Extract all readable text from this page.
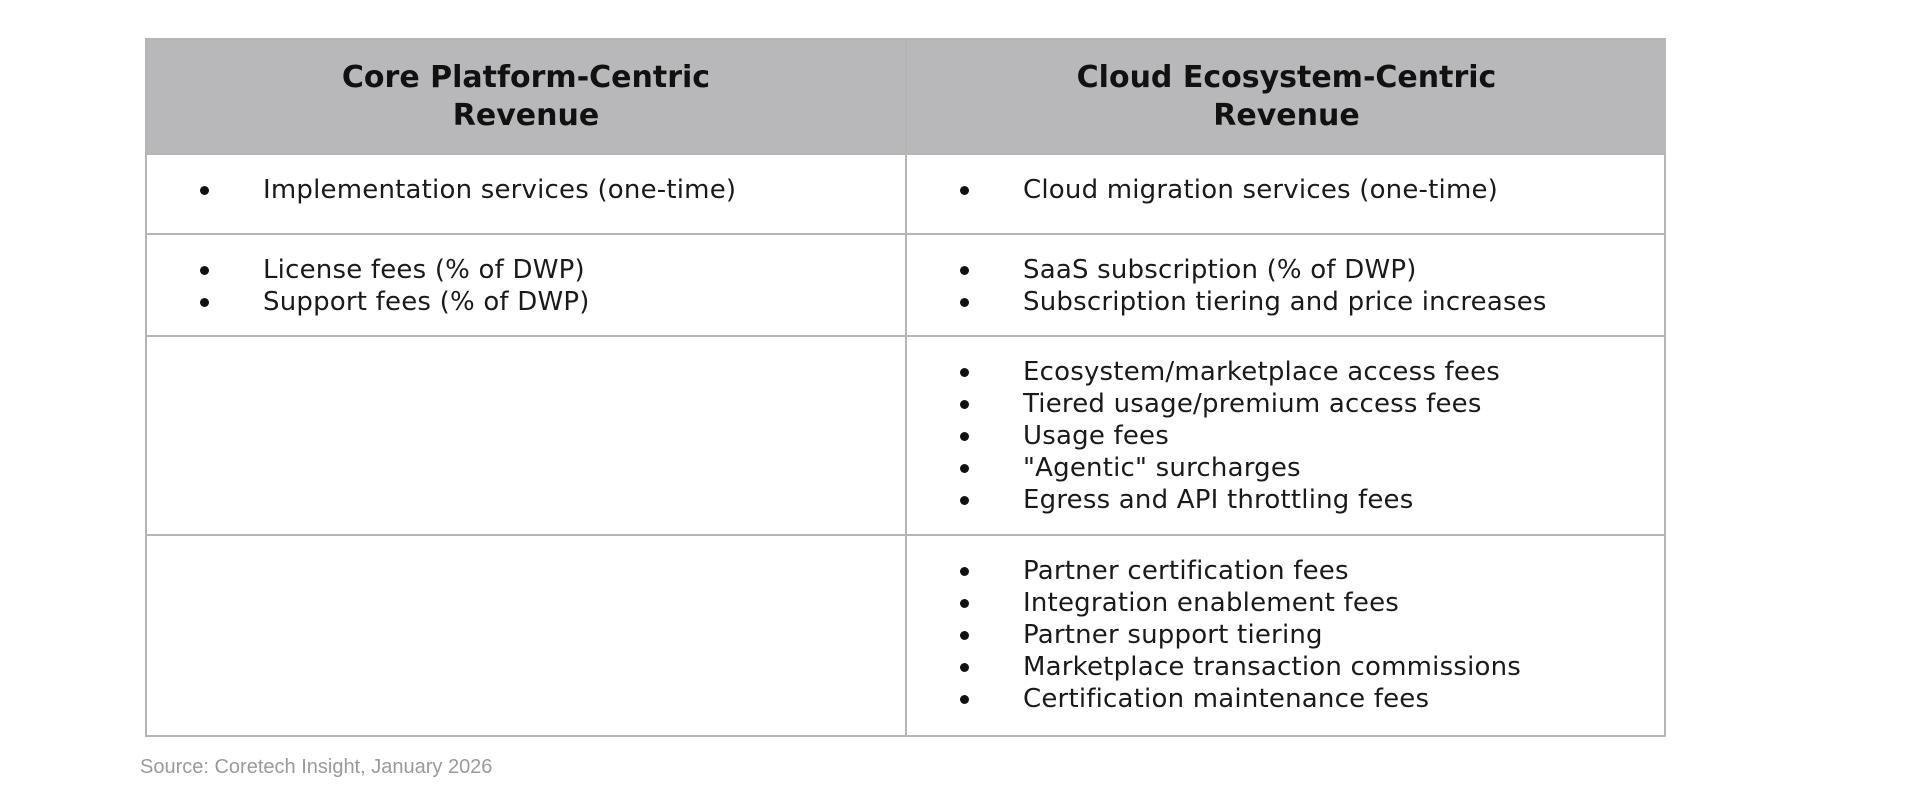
Core Platform-Centric
Revenue
Cloud Ecosystem-Centric
Revenue
Implementation services (one-time)	Cloud migration services (one-time)
License fees (% of DWP)
Support fees (% of DWP)
SaaS subscription (% of DWP)
Subscription tiering and price increases
Ecosystem/marketplace access fees
Tiered usage/premium access fees
Usage fees
"Agentic" surcharges
Egress and API throttling fees
Partner certification fees
Integration enablement fees
Partner support tiering
Marketplace transaction commissions
Certification maintenance fees
Source: Coretech Insight, January 2026
